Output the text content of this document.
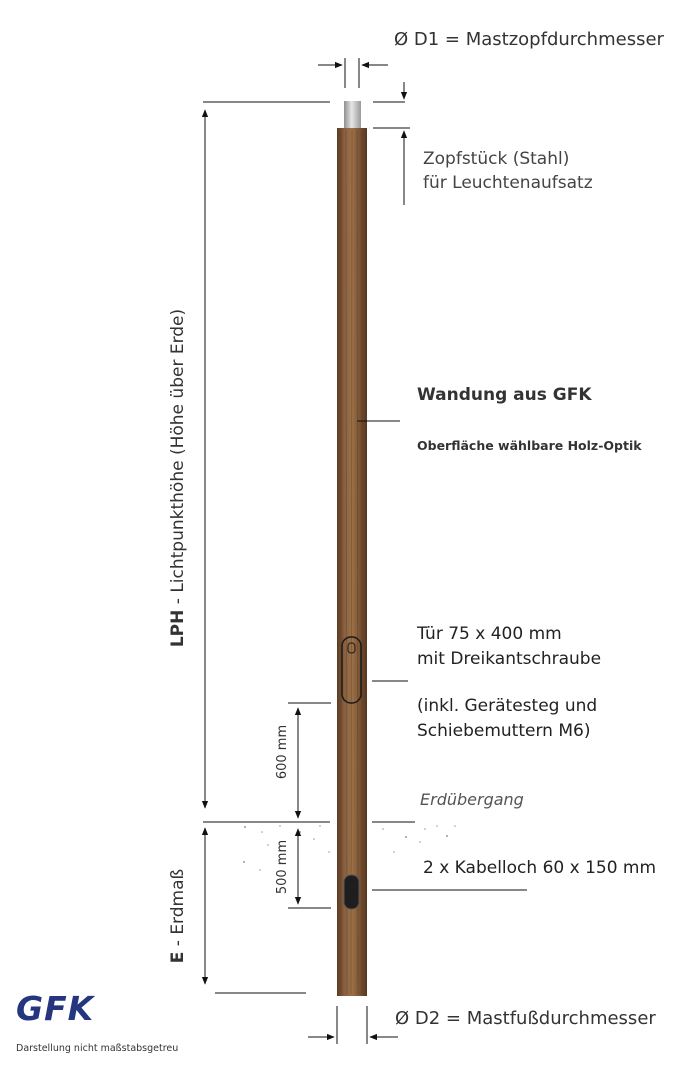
Ø D1 = Mastzopfdurchmesser
Zopfstück (Stahl)
für Leuchtenaufsatz
Wandung aus GFK
Oberfläche wählbare Holz-Optik
Tür 75 x 400 mm
mit Dreikantschraube
(inkl. Gerätesteg und
Schiebemuttern M6)
Erdübergang
2 x Kabelloch 60 x 150 mm
Ø D2 = Mastfußdurchmesser
LPH - Lichtpunkthöhe (Höhe über Erde)
E - Erdmaß
600 mm
500 mm
GFK
Darstellung nicht maßstabsgetreu
